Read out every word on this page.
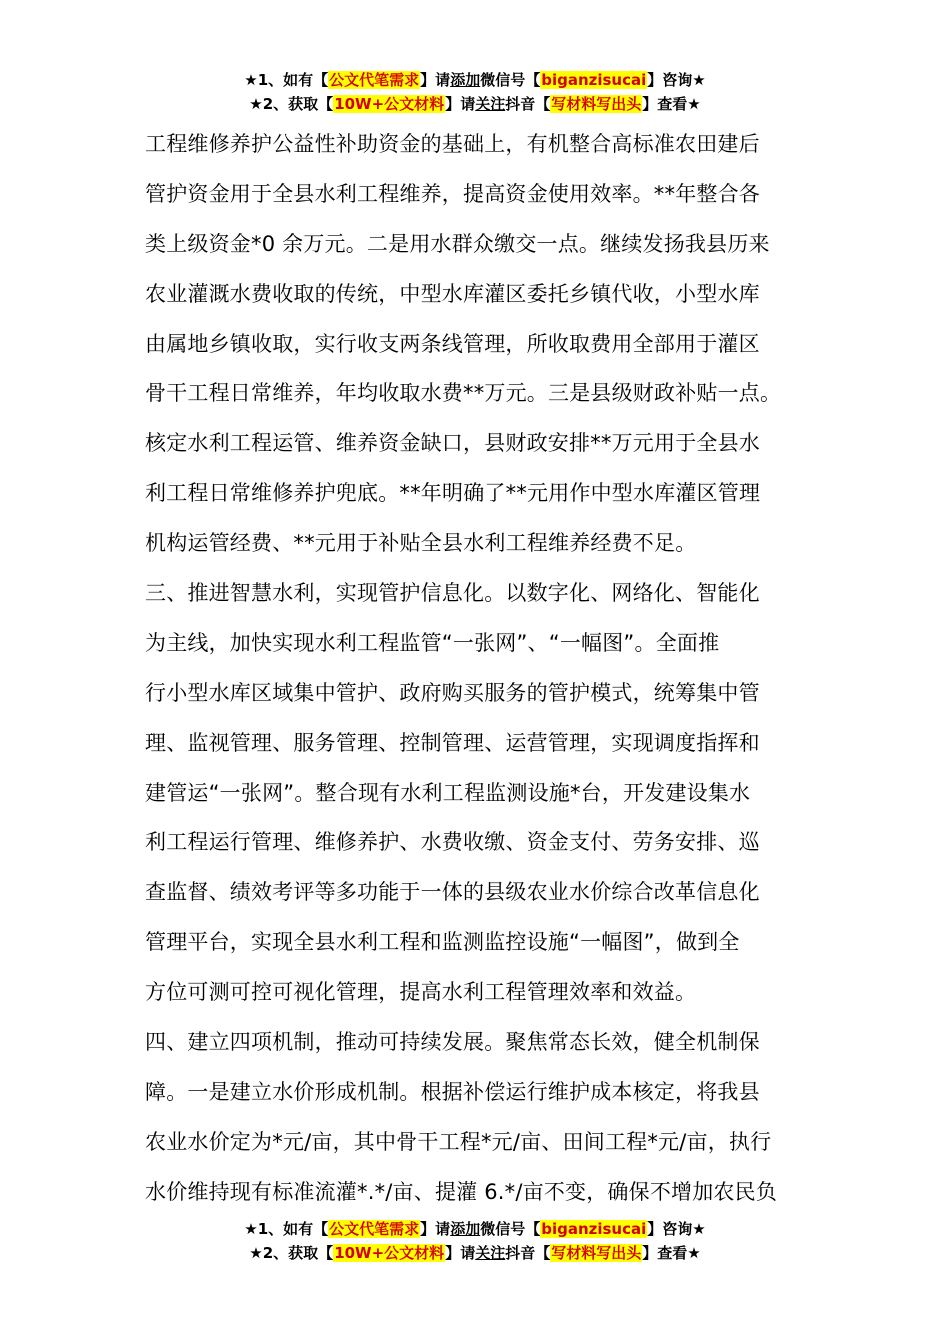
★1、如有【公文代笔需求】请添加微信号【biganzisucai】咨询★
★2、获取【10W+公文材料】请关注抖音【写材料写出头】查看★
工程维修养护公益性补助资金的基础上，有机整合高标准农田建后
管护资金用于全县水利工程维养，提高资金使用效率。**年整合各
类上级资金*0 余万元。二是用水群众缴交一点。继续发扬我县历来
农业灌溉水费收取的传统，中型水库灌区委托乡镇代收，小型水库
由属地乡镇收取，实行收支两条线管理，所收取费用全部用于灌区
骨干工程日常维养，年均收取水费**万元。三是县级财政补贴一点。
核定水利工程运管、维养资金缺口，县财政安排**万元用于全县水
利工程日常维修养护兜底。**年明确了**元用作中型水库灌区管理
机构运管经费、**元用于补贴全县水利工程维养经费不足。
三、推进智慧水利，实现管护信息化。以数字化、网络化、智能化
为主线，加快实现水利工程监管“一张网”、“一幅图”。全面推
行小型水库区域集中管护、政府购买服务的管护模式，统筹集中管
理、监视管理、服务管理、控制管理、运营管理，实现调度指挥和
建管运“一张网”。整合现有水利工程监测设施*台，开发建设集水
利工程运行管理、维修养护、水费收缴、资金支付、劳务安排、巡
查监督、绩效考评等多功能于一体的县级农业水价综合改革信息化
管理平台，实现全县水利工程和监测监控设施“一幅图”，做到全
方位可测可控可视化管理，提高水利工程管理效率和效益。
四、建立四项机制，推动可持续发展。聚焦常态长效，健全机制保
障。一是建立水价形成机制。根据补偿运行维护成本核定，将我县
农业水价定为*元/亩，其中骨干工程*元/亩、田间工程*元/亩，执行
水价维持现有标准流灌*.*/亩、提灌 6.*/亩不变，确保不增加农民负
★1、如有【公文代笔需求】请添加微信号【biganzisucai】咨询★
★2、获取【10W+公文材料】请关注抖音【写材料写出头】查看★
